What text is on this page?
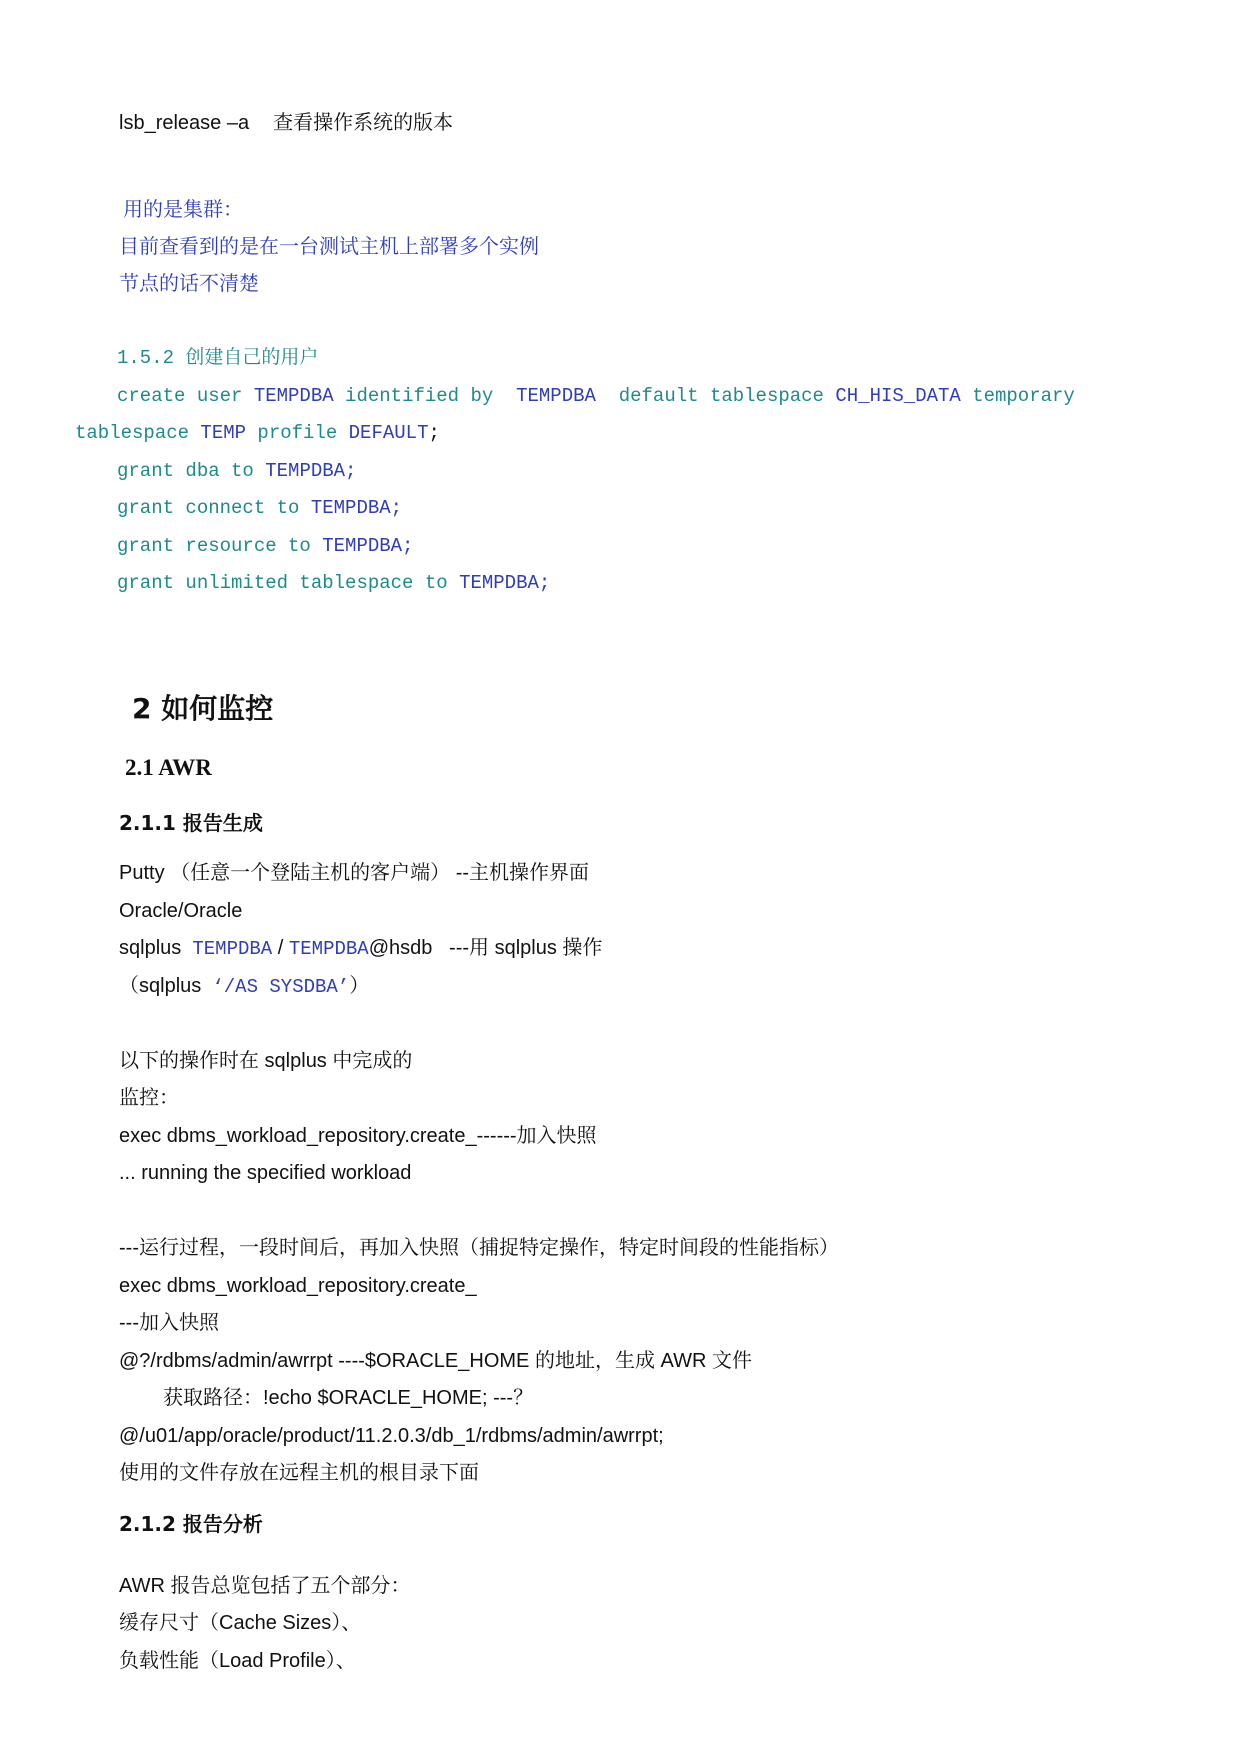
lsb_release –a 查看操作系统的版本
用的是集群：
目前查看到的是在一台测试主机上部署多个实例
节点的话不清楚
1.5.2 创建自己的用户
create user TEMPDBA identified by  TEMPDBA  default tablespace CH_HIS_DATA temporary
tablespace TEMP profile DEFAULT;
grant dba to TEMPDBA;
grant connect to TEMPDBA;
grant resource to TEMPDBA;
grant unlimited tablespace to TEMPDBA;
2 如何监控
2.1 AWR
2.1.1 报告生成
Putty （任意一个登陆主机的客户端） --主机操作界面
Oracle/Oracle
sqlplus  TEMPDBA / TEMPDBA@hsdb   ---用 sqlplus 操作
（sqlplus  ‘/AS SYSDBA’）
以下的操作时在 sqlplus 中完成的
监控：
exec dbms_workload_repository.create_------加入快照
... running the specified workload
---运行过程，一段时间后，再加入快照（捕捉特定操作，特定时间段的性能指标）
exec dbms_workload_repository.create_
---加入快照
@?/rdbms/admin/awrrpt ----$ORACLE_HOME 的地址，生成 AWR 文件
获取路径：!echo $ORACLE_HOME; ---？
@/u01/app/oracle/product/11.2.0.3/db_1/rdbms/admin/awrrpt;
使用的文件存放在远程主机的根目录下面
2.1.2 报告分析
AWR 报告总览包括了五个部分：
缓存尺寸（Cache Sizes）、
负载性能（Load Profile）、
